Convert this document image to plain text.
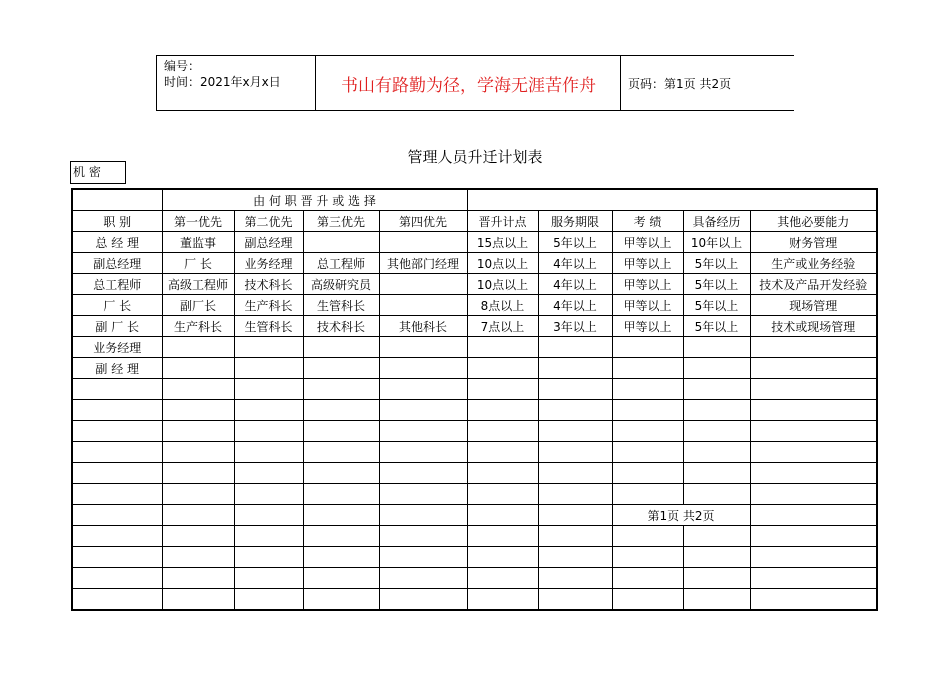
编号：
时间：2021年x月x日	书山有路勤为径，学海无涯苦作舟	页码：第1页 共2页
管理人员升迁计划表
机 密
	由 何 职 晋 升 或 选 择								
职 别	第一优先	第二优先	第三优先	第四优先	晋升计点	服务期限	考 绩	具备经历	其他必要能力
总 经 理	董监事	副总经理			15点以上	5年以上	甲等以上	10年以上	财务管理
副总经理	厂 长	业务经理	总工程师	其他部门经理	10点以上	4年以上	甲等以上	5年以上	生产或业务经验
总工程师	高级工程师	技术科长	高级研究员		10点以上	4年以上	甲等以上	5年以上	技术及产品开发经验
厂 长	副厂长	生产科长	生管科长		8点以上	4年以上	甲等以上	5年以上	现场管理
副 厂 长	生产科长	生管科长	技术科长	其他科长	7点以上	3年以上	甲等以上	5年以上	技术或现场管理
业务经理									
副 经 理									

							第1页 共2页		
